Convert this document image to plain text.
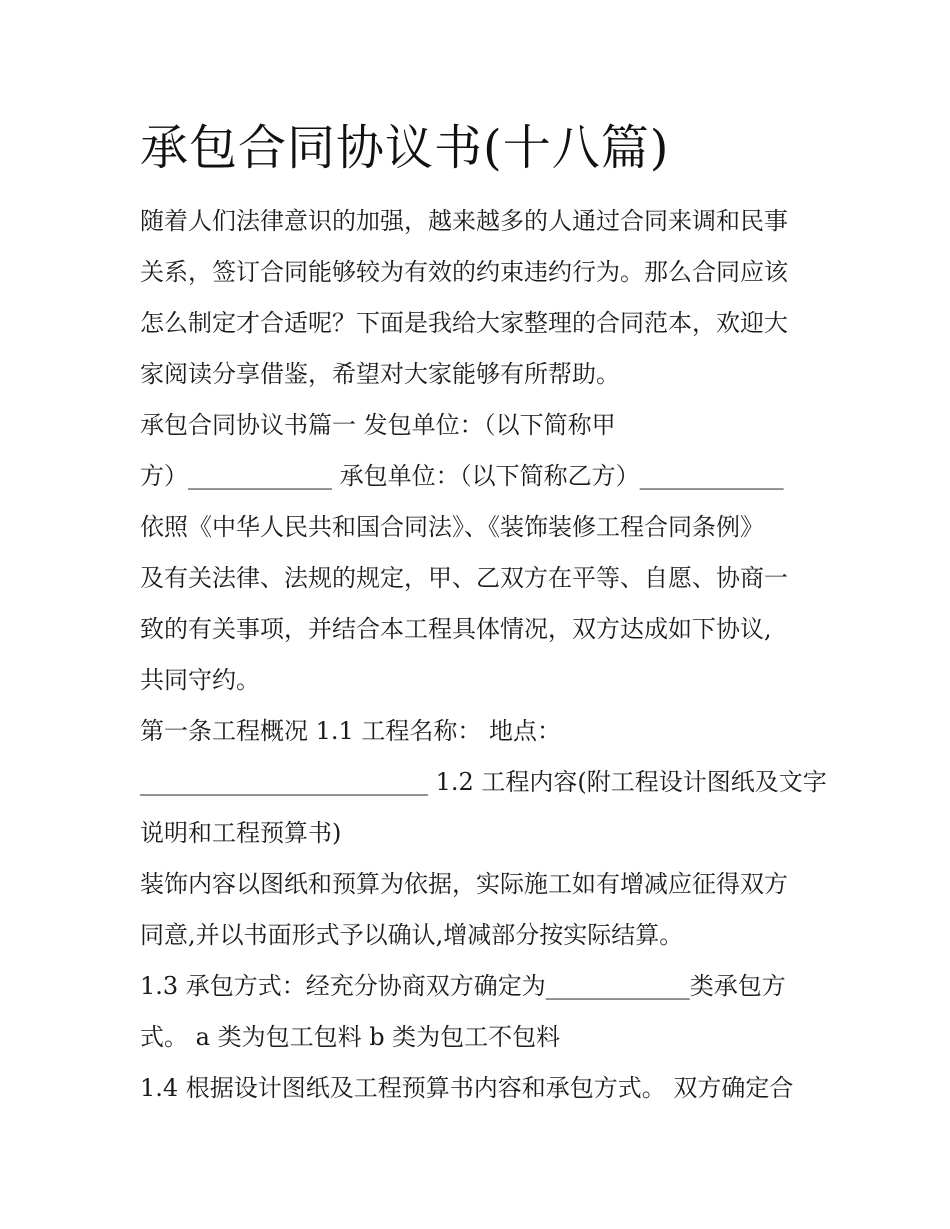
承包合同协议书(十八篇)
随着人们法律意识的加强，越来越多的人通过合同来调和民事
关系，签订合同能够较为有效的约束违约行为。那么合同应该
怎么制定才合适呢？下面是我给大家整理的合同范本，欢迎大
家阅读分享借鉴，希望对大家能够有所帮助。
承包合同协议书篇一 发包单位：（以下简称甲
方）____________ 承包单位：（以下简称乙方）____________
依照《中华人民共和国合同法》、《装饰装修工程合同条例》
及有关法律、法规的规定，甲、乙双方在平等、自愿、协商一
致的有关事项，并结合本工程具体情况，双方达成如下协议,
共同守约。
第一条工程概况 1.1 工程名称： 地点：
________________________ 1.2 工程内容(附工程设计图纸及文字
说明和工程预算书)
装饰内容以图纸和预算为依据，实际施工如有增减应征得双方
同意,并以书面形式予以确认,增减部分按实际结算。
1.3 承包方式：经充分协商双方确定为____________类承包方
式。 a 类为包工包料 b 类为包工不包料
1.4 根据设计图纸及工程预算书内容和承包方式。 双方确定合
